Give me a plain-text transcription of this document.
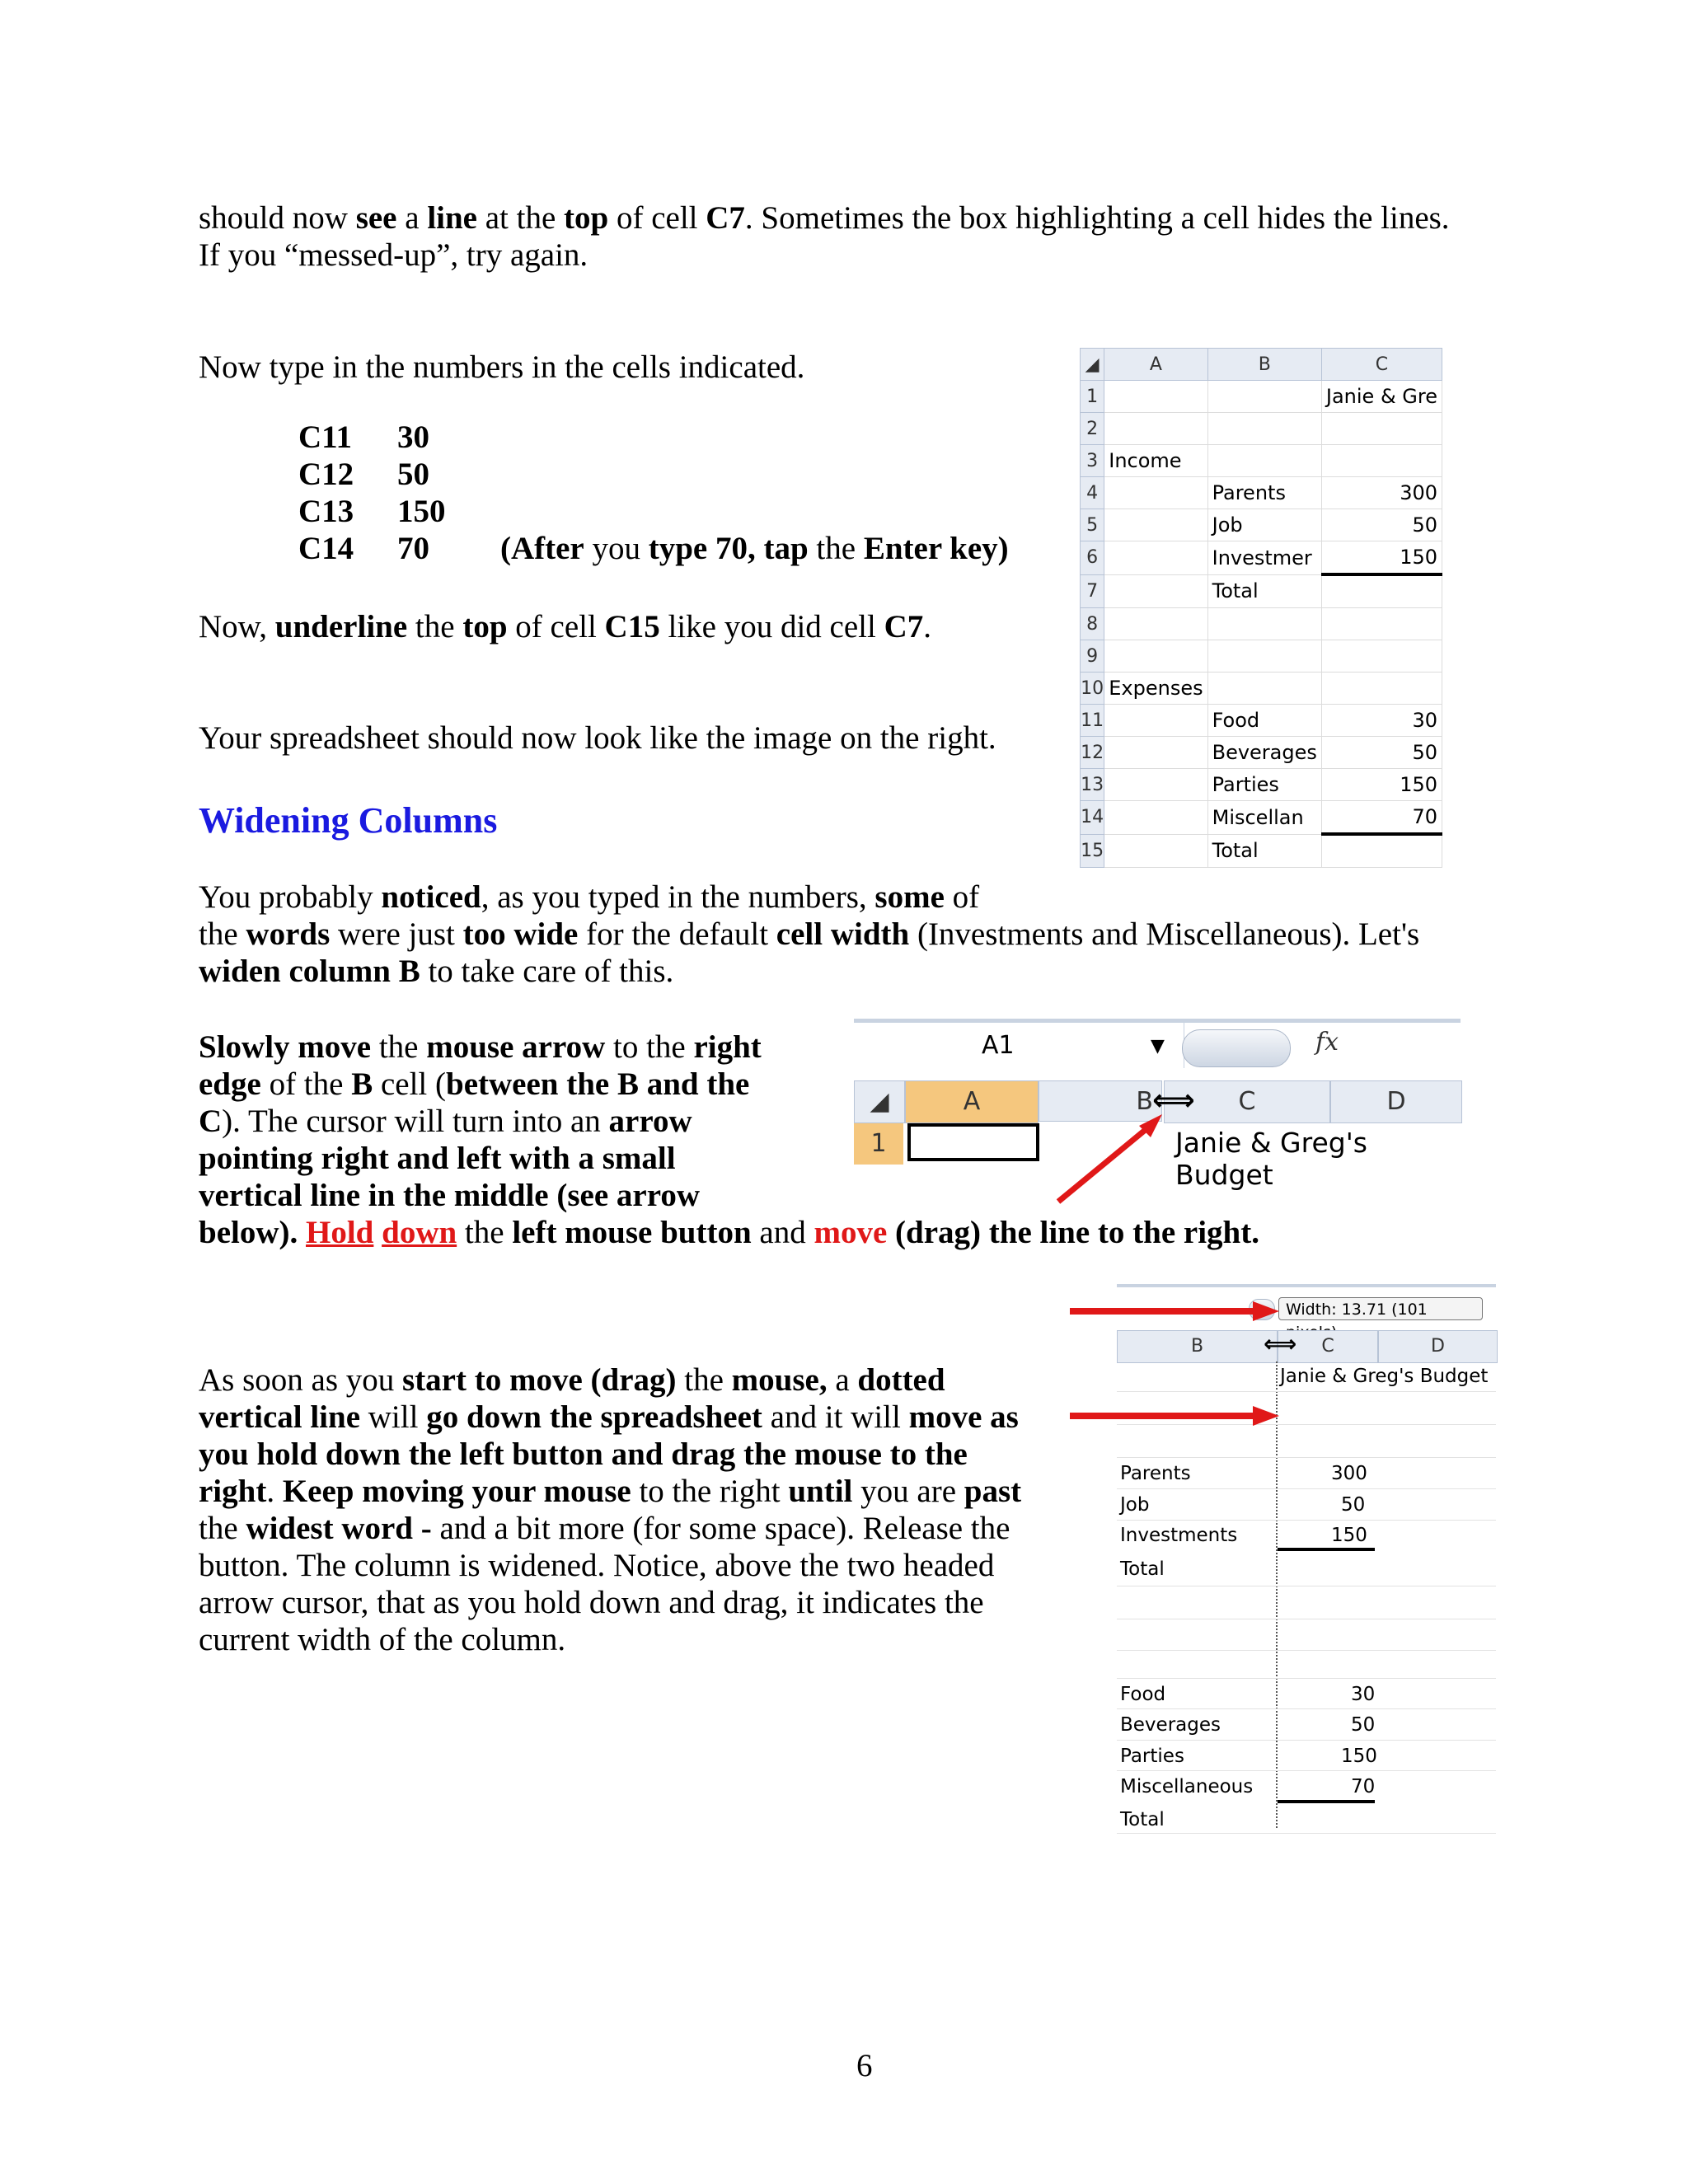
should now see a line at the top of cell C7. Sometimes the box highlighting a cell hides the lines.
If you “messed-up”, try again.
Now type in the numbers in the cells indicated.
C11	30
C12	50
C13	150
C14	70	(After you type 70, tap the Enter key)
Now, underline the top of cell C15 like you did cell C7.
Your spreadsheet should now look like the image on the right.
Widening Columns
You probably noticed, as you typed in the numbers, some of
the words were just too wide for the default cell width (Investments and Miscellaneous). Let's
widen column B to take care of this.
Slowly move the mouse arrow to the right
edge of the B cell (between the B and the
C). The cursor will turn into an arrow
pointing right and left with a small
vertical line in the middle (see arrow
below). Hold down the left mouse button and move (drag) the line to the right.
As soon as you start to move (drag) the mouse, a dotted
vertical line will go down the spreadsheet and it will move as
you hold down the left button and drag the mouse to the
right. Keep moving your mouse to the right until you are past
the widest word - and a bit more (for some space). Release the
button. The column is widened. Notice, above the two headed
arrow cursor, that as you hold down and drag, it indicates the
current width of the column.
◢	A	B	C
1			Janie & Gre
2			
3	Income		
4		Parents	300
5		Job	50
6		Investmer	150
7		Total	
8			
9			
10	Expenses		
11		Food	30
12		Beverages	50
13		Parties	150
14		Miscellan	70
15		Total	
A1	▼	fx
◢	A	B	C	D
⟺
1	Janie & Greg's Budget
Width: 13.71 (101
B	C	D
⟺
Janie & Greg's Budget
Parents	300
Job	50
Investments	150
Total
Food	30
Beverages	50
Parties	150
Miscellaneous	70
Total
6
